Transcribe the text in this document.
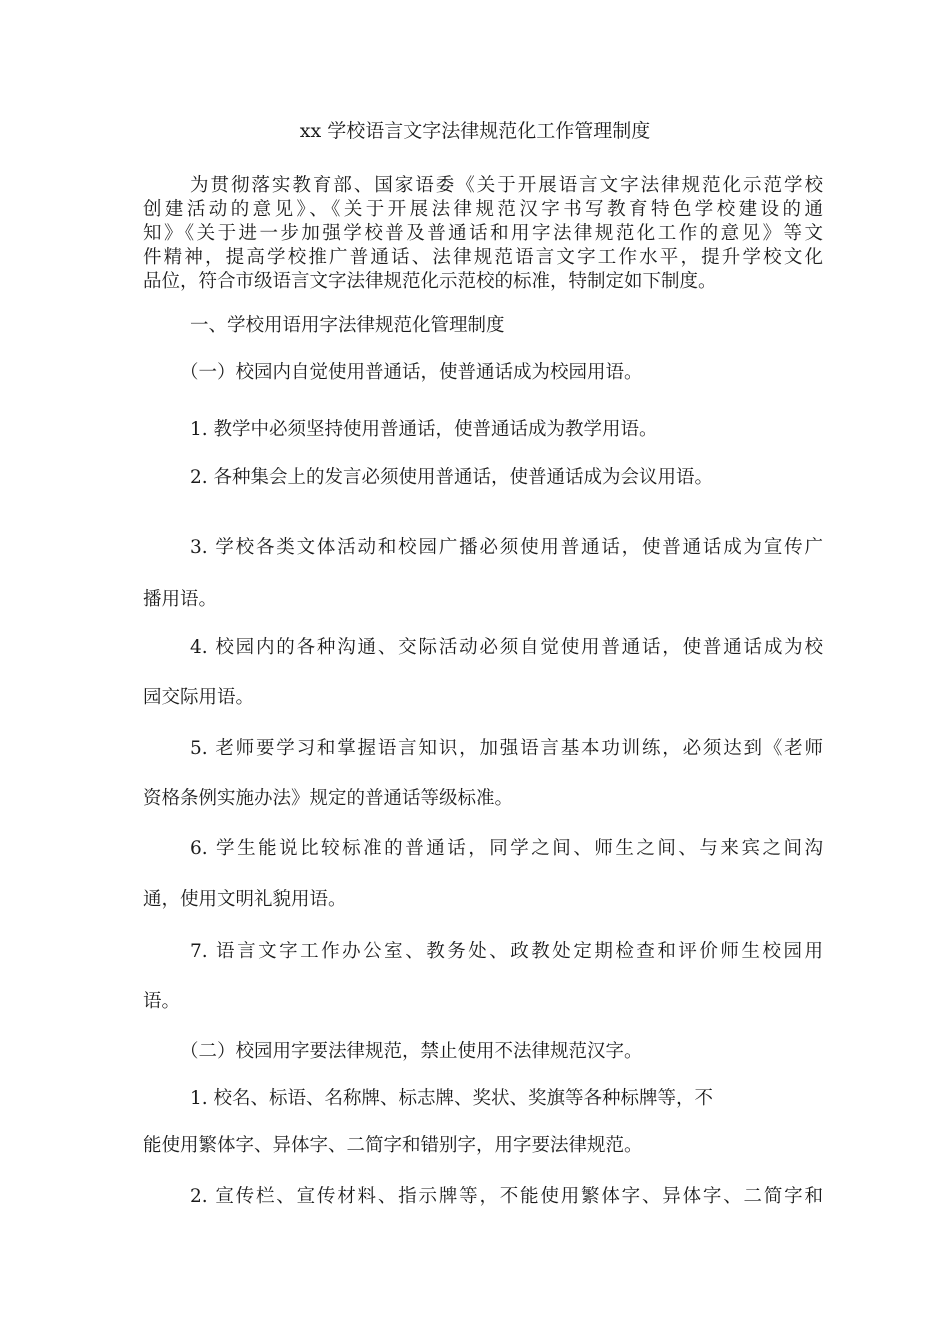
xx 学校语言文字法律规范化工作管理制度
为贯彻落实教育部、国家语委《关于开展语言文字法律规范化示范学校
创建活动的意见》、《关于开展法律规范汉字书写教育特色学校建设的通
知》《关于进一步加强学校普及普通话和用字法律规范化工作的意见》等文
件精神，提高学校推广普通话、法律规范语言文字工作水平，提升学校文化
品位，符合市级语言文字法律规范化示范校的标准，特制定如下制度。
一、学校用语用字法律规范化管理制度
（一）校园内自觉使用普通话，使普通话成为校园用语。
1. 教学中必须坚持使用普通话，使普通话成为教学用语。
2. 各种集会上的发言必须使用普通话，使普通话成为会议用语。
3. 学校各类文体活动和校园广播必须使用普通话，使普通话成为宣传广
播用语。
4. 校园内的各种沟通、交际活动必须自觉使用普通话，使普通话成为校
园交际用语。
5. 老师要学习和掌握语言知识，加强语言基本功训练，必须达到《老师
资格条例实施办法》规定的普通话等级标准。
6. 学生能说比较标准的普通话，同学之间、师生之间、与来宾之间沟
通，使用文明礼貌用语。
7. 语言文字工作办公室、教务处、政教处定期检查和评价师生校园用
语。
（二）校园用字要法律规范，禁止使用不法律规范汉字。
1. 校名、标语、名称牌、标志牌、奖状、奖旗等各种标牌等，不
能使用繁体字、异体字、二简字和错别字，用字要法律规范。
2. 宣传栏、宣传材料、指示牌等，不能使用繁体字、异体字、二简字和
